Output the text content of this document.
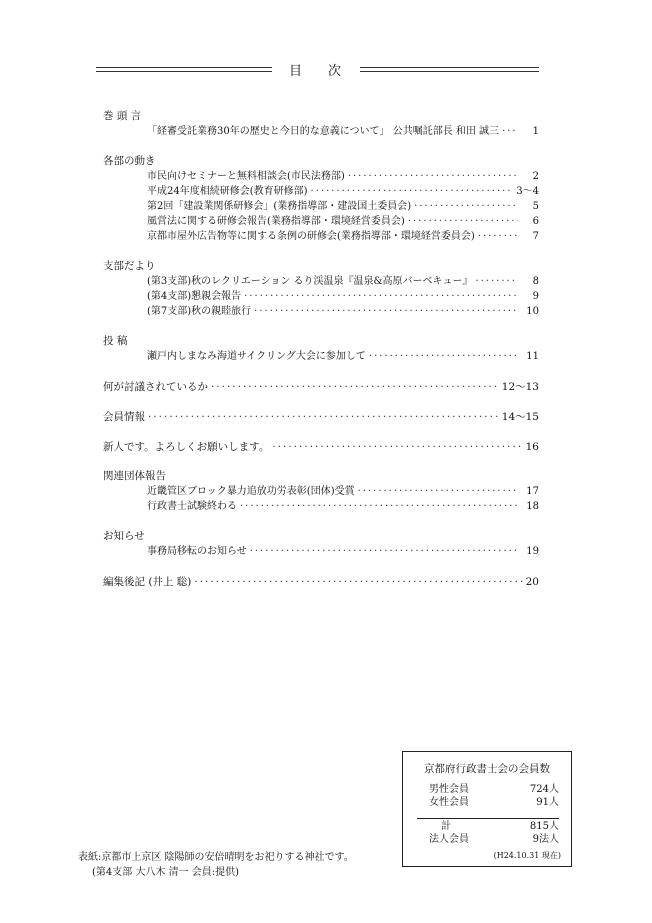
目 次
巻 頭 言
「経審受託業務30年の歴史と今日的な意義について」 公共嘱託部長 和田 誠三 ·····	1
各部の動き
市民向けセミナーと無料相談会(市民法務部) ·····	2
平成24年度相続研修会(教育研修部) ·····	3～4
第2回「建設業関係研修会」(業務指導部・建設国土委員会) ·····	5
風営法に関する研修会報告(業務指導部・環境経営委員会) ·····	6
京都市屋外広告物等に関する条例の研修会(業務指導部・環境経営委員会) ·····	7
支部だより
(第3支部)秋のレクリエーション るり渓温泉『温泉&高原バーベキュー』 ·····	8
(第4支部)懇親会報告 ·····	9
(第7支部)秋の親睦旅行 ·····	10
投 稿
瀬戸内しまなみ海道サイクリング大会に参加して ·····	11
何が討議されているか ·····	12～13
会員情報 ·····	14～15
新人です。よろしくお願いします。 ·····	16
関連団体報告
近畿管区ブロック暴力追放功労表彰(団体)受賞 ·····	17
行政書士試験終わる ·····	18
お知らせ
事務局移転のお知らせ ·····	19
編集後記 (井上 聡) ·····	20
京都府行政書士会の会員数
男性会員	724人
女性会員	91人
計	815人
法人会員	9法人
(H24.10.31 現在)
表紙:京都市上京区 陰陽師の安倍晴明をお祀りする神社です。
(第4支部 大八木 清一 会員:提供)
